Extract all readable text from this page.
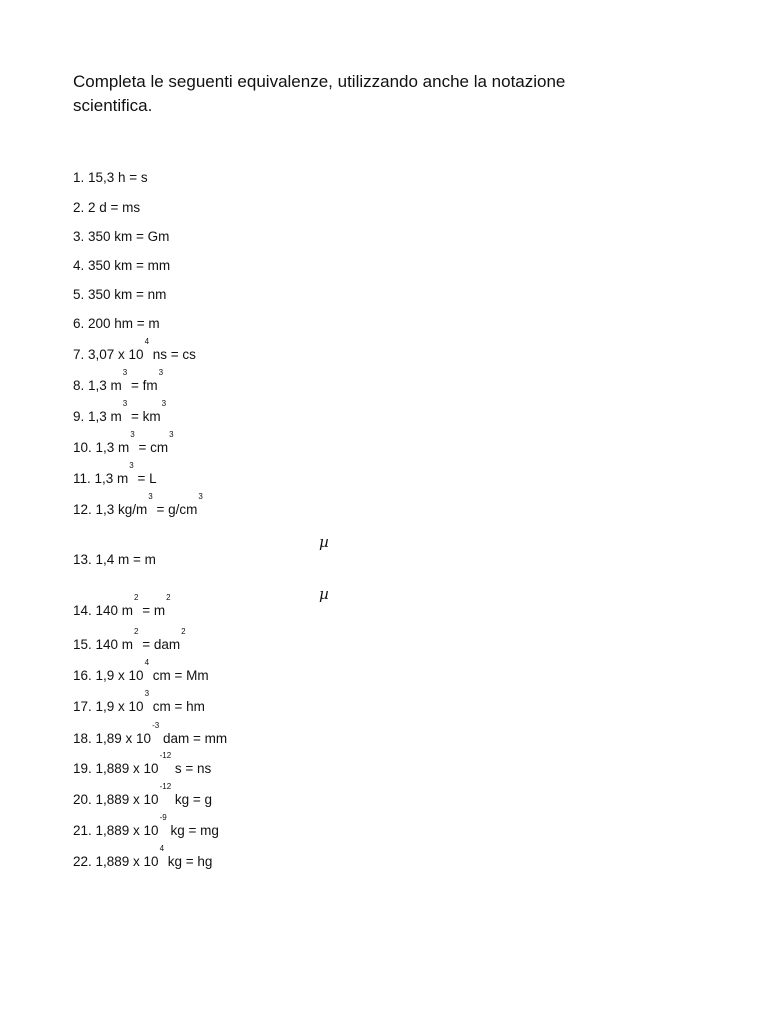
Completa le seguenti equivalenze, utilizzando anche la notazione
scientifica.
1. 15,3 h = s
2. 2 d = ms
3. 350 km = Gm
4. 350 km = mm
5. 350 km = nm
6. 200 hm = m
7. 3,07 x $10^4$ ns = cs
8. 1,3 $m^3 = fm^3$
9. 1,3 $m^3 = km^3$
10. 1,3 $m^3 = cm^3$
11. 1,3 $m^3 = L$
12. 1,3 $kg/m^3 = g/cm^3$
µ
13. 1,4 m = m
µ
14. 140 $m^2 = m^2$
15. 140 $m^2 = dam^2$
16. 1,9 x $10^4$ cm = Mm
17. 1,9 x $10^3$ cm = hm
18. 1,89 x $10^{-3}$ dam = mm
19. 1,889 x $10^{-12}$ s = ns
20. 1,889 x $10^{-12}$ kg = g
21. 1,889 x $10^{-9}$ kg = mg
22. 1,889 x $10^4$ kg = hg
